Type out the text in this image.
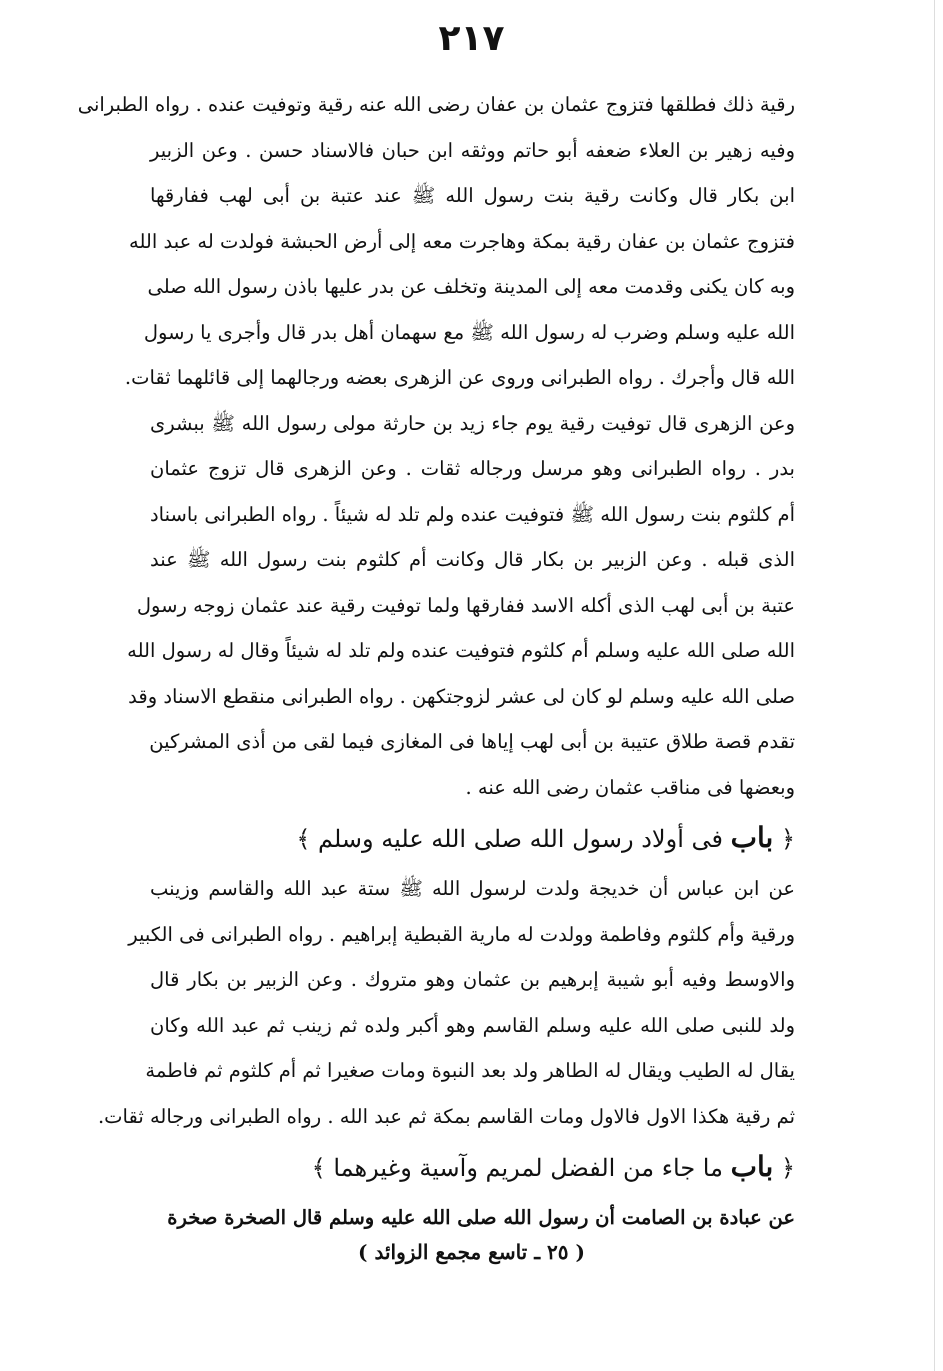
٢١٧
رقية ذلك فطلقها فتزوج عثمان بن عفان رضى الله عنه رقية وتوفيت عنده . رواه الطبرانى
وفيه زهير بن العلاء ضعفه أبو حاتم ووثقه ابن حبان فالاسناد حسن . وعن الزبير
ابن بكار قال وكانت رقية بنت رسول الله ﷺ عند عتبة بن أبى لهب ففارقها
فتزوج عثمان بن عفان رقية بمكة وهاجرت معه إلى أرض الحبشة فولدت له عبد الله
وبه كان يكنى وقدمت معه إلى المدينة وتخلف عن بدر عليها باذن رسول الله صلى
الله عليه وسلم وضرب له رسول الله ﷺ مع سهمان أهل بدر قال وأجرى يا رسول
الله قال وأجرك . رواه الطبرانى وروى عن الزهرى بعضه ورجالهما إلى قائلهما ثقات.
وعن الزهرى قال توفيت رقية يوم جاء زيد بن حارثة مولى رسول الله ﷺ ببشرى
بدر . رواه الطبرانى وهو مرسل ورجاله ثقات . وعن الزهرى قال تزوج عثمان
أم كلثوم بنت رسول الله ﷺ فتوفيت عنده ولم تلد له شيئاً . رواه الطبرانى باسناد
الذى قبله . وعن الزبير بن بكار قال وكانت أم كلثوم بنت رسول الله ﷺ عند
عتبة بن أبى لهب الذى أكله الاسد ففارقها ولما توفيت رقية عند عثمان زوجه رسول
الله صلى الله عليه وسلم أم كلثوم فتوفيت عنده ولم تلد له شيئاً وقال له رسول الله
صلى الله عليه وسلم لو كان لى عشر لزوجتكهن . رواه الطبرانى منقطع الاسناد وقد
تقدم قصة طلاق عتيبة بن أبى لهب إياها فى المغازى فيما لقى من أذى المشركين
وبعضها فى مناقب عثمان رضى الله عنه .
﴿ باب فى أولاد رسول الله صلى الله عليه وسلم ﴾
عن ابن عباس أن خديجة ولدت لرسول الله ﷺ ستة عبد الله والقاسم وزينب
ورقية وأم كلثوم وفاطمة وولدت له مارية القبطية إبراهيم . رواه الطبرانى فى الكبير
والاوسط وفيه أبو شيبة إبرهيم بن عثمان وهو متروك . وعن الزبير بن بكار قال
ولد للنبى صلى الله عليه وسلم القاسم وهو أكبر ولده ثم زينب ثم عبد الله وكان
يقال له الطيب ويقال له الطاهر ولد بعد النبوة ومات صغيرا ثم أم كلثوم ثم فاطمة
ثم رقية هكذا الاول فالاول ومات القاسم بمكة ثم عبد الله . رواه الطبرانى ورجاله ثقات.
﴿ باب ما جاء من الفضل لمريم وآسية وغيرهما ﴾
عن عبادة بن الصامت أن رسول الله صلى الله عليه وسلم قال الصخرة صخرة
( ٢٥ ـ تاسع مجمع الزوائد )
